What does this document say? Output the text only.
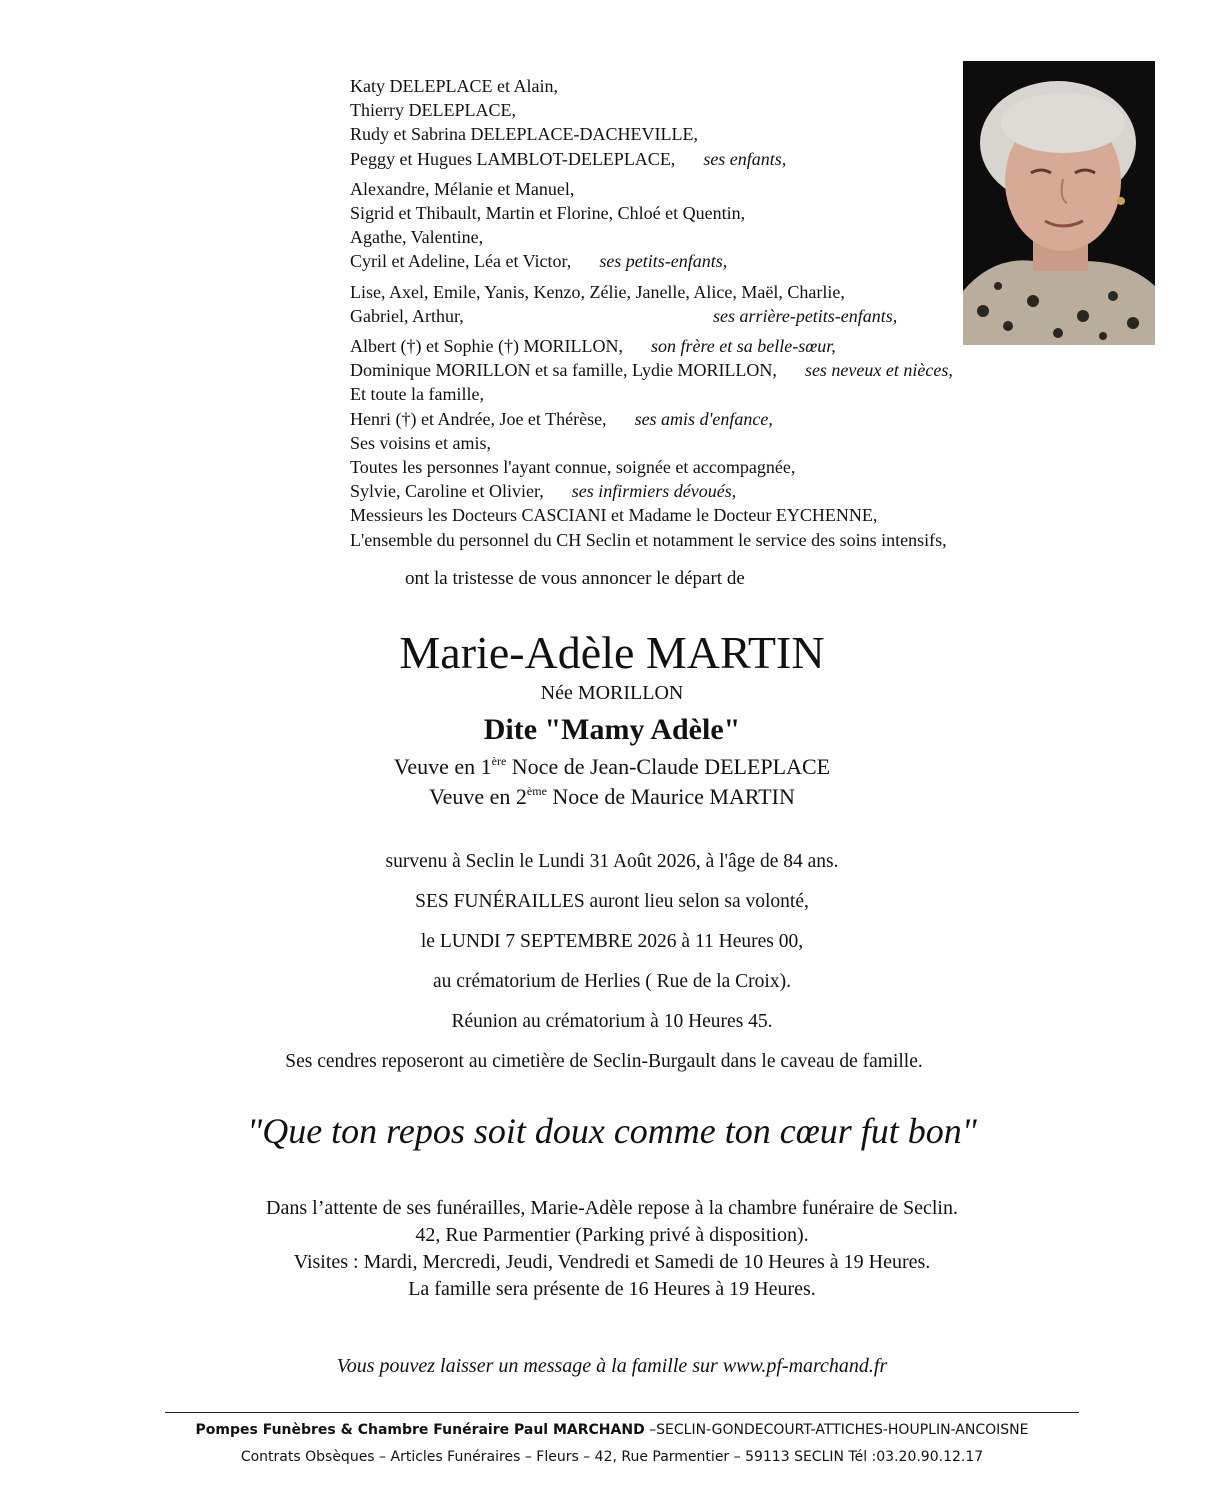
Katy DELEPLACE et Alain,
Thierry DELEPLACE,
Rudy et Sabrina DELEPLACE-DACHEVILLE,
Peggy et Hugues LAMBLOT-DELEPLACE, ses enfants,
Alexandre, Mélanie et Manuel,
Sigrid et Thibault, Martin et Florine, Chloé et Quentin,
Agathe, Valentine,
Cyril et Adeline, Léa et Victor, ses petits-enfants,
Lise, Axel, Emile, Yanis, Kenzo, Zélie, Janelle, Alice, Maël, Charlie,
Gabriel, Arthur,	ses arrière-petits-enfants,
Albert (†) et Sophie (†) MORILLON, son frère et sa belle-sœur,
Dominique MORILLON et sa famille, Lydie MORILLON, ses neveux et nièces,
Et toute la famille,
Henri (†) et Andrée, Joe et Thérèse, ses amis d'enfance,
Ses voisins et amis,
Toutes les personnes l'ayant connue, soignée et accompagnée,
Sylvie, Caroline et Olivier, ses infirmiers dévoués,
Messieurs les Docteurs CASCIANI et Madame le Docteur EYCHENNE,
L'ensemble du personnel du CH Seclin et notamment le service des soins intensifs,
ont la tristesse de vous annoncer le départ de
Marie-Adèle MARTIN
Née MORILLON
Dite "Mamy Adèle"
Veuve en 1ère Noce de Jean-Claude DELEPLACE
Veuve en 2ème Noce de Maurice MARTIN
survenu à Seclin le Lundi 31 Août 2026, à l'âge de 84 ans.
SES FUNÉRAILLES auront lieu selon sa volonté,
le LUNDI 7 SEPTEMBRE 2026 à 11 Heures 00,
au crématorium de Herlies ( Rue de la Croix).
Réunion au crématorium à 10 Heures 45.
Ses cendres reposeront au cimetière de Seclin-Burgault dans le caveau de famille.
"Que ton repos soit doux comme ton cœur fut bon"
Dans l’attente de ses funérailles, Marie-Adèle repose à la chambre funéraire de Seclin.
42, Rue Parmentier (Parking privé à disposition).
Visites : Mardi, Mercredi, Jeudi, Vendredi et Samedi de 10 Heures à 19 Heures.
La famille sera présente de 16 Heures à 19 Heures.
Vous pouvez laisser un message à la famille sur www.pf-marchand.fr
Pompes Funèbres & Chambre Funéraire Paul MARCHAND –SECLIN-GONDECOURT-ATTICHES-HOUPLIN-ANCOISNE
Contrats Obsèques – Articles Funéraires – Fleurs – 42, Rue Parmentier – 59113 SECLIN Tél :03.20.90.12.17
